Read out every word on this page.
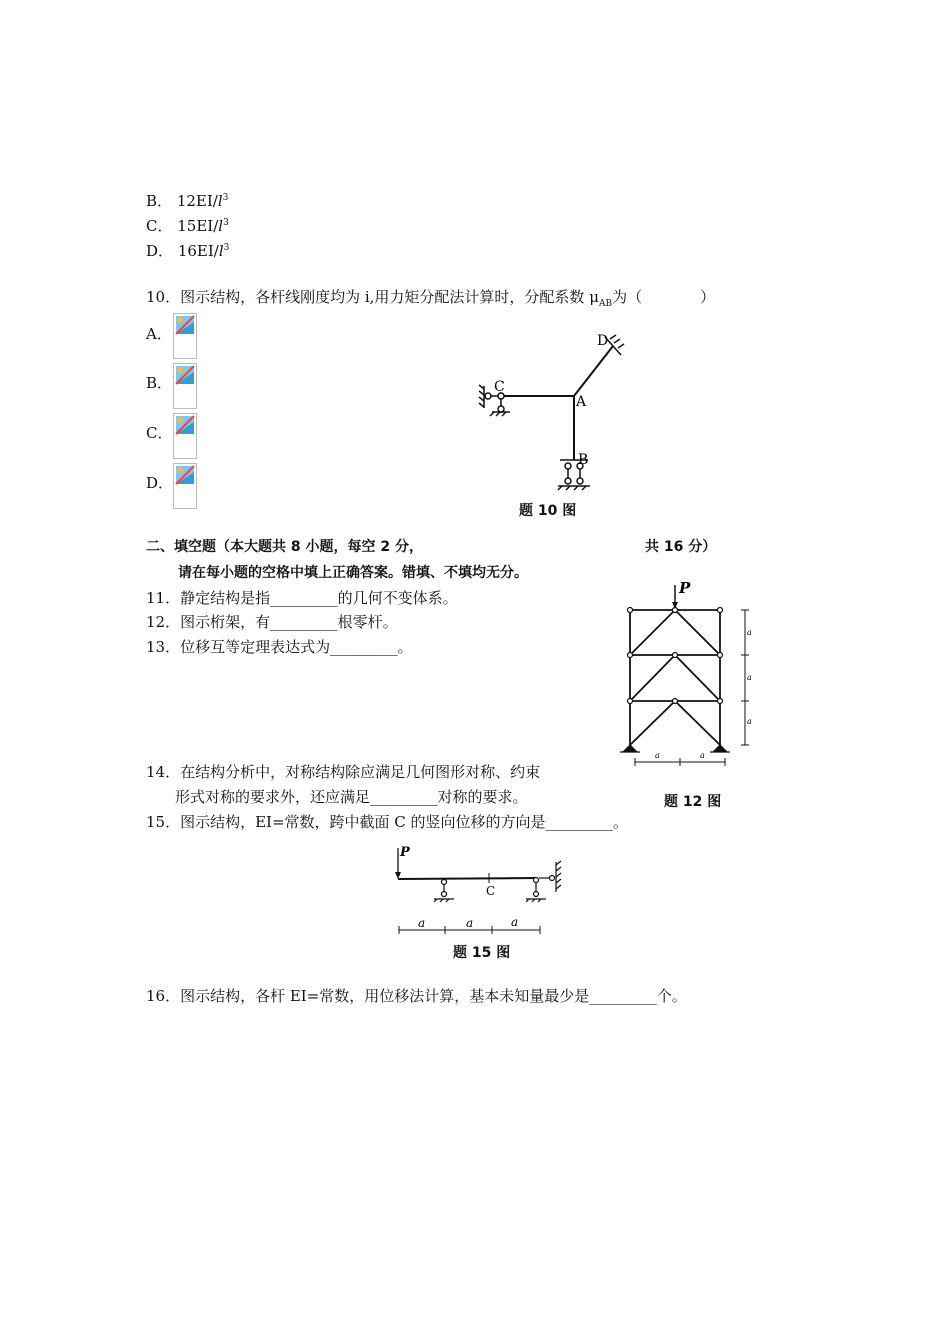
B． $12EI/l^3$
C． $15EI/l^3$
D． $16EI/l^3$
10．图示结构，各杆线刚度均为 i,用力矩分配法计算时，分配系数 $\mu_{AB}$为（	）
A．
B．
C．
D．
D
C
A
B
题 10 图
二、填空题（本大题共 8 小题，每空 2 分，	共 16 分）
请在每小题的空格中填上正确答案。错填、不填均无分。
11．静定结构是指_________的几何不变体系。
12．图示桁架，有_________根零杆。
13．位移互等定理表达式为_________。
P
a
a
a
a	a
题 12 图
14．在结构分析中，对称结构除应满足几何图形对称、约束
形式对称的要求外，还应满足_________对称的要求。
15．图示结构，EI=常数，跨中截面 C 的竖向位移的方向是_________。
P
C
a	a	a
题 15 图
16．图示结构，各杆 EI=常数，用位移法计算，基本未知量最少是_________个。
